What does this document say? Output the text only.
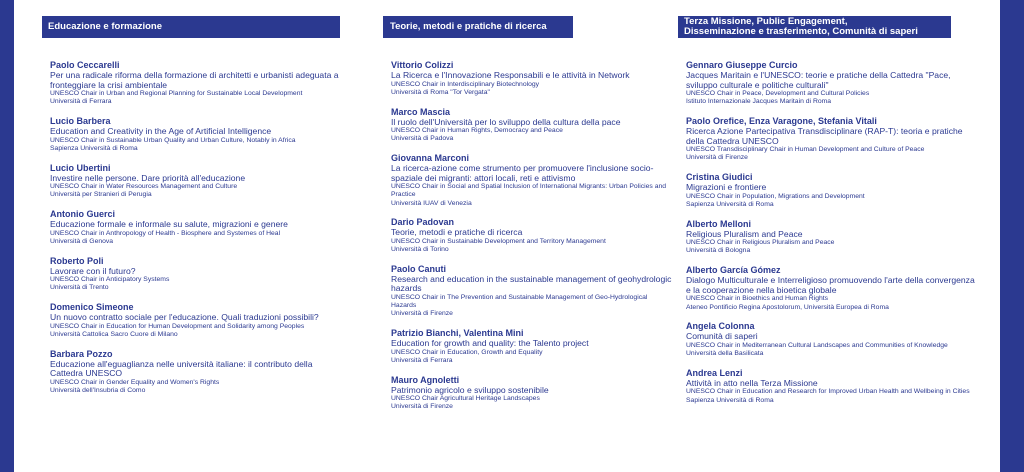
Educazione e formazione
Paolo Ceccarelli
Per una radicale riforma della formazione di architetti e urbanisti adeguata a fronteggiare la crisi ambientale
UNESCO Chair in Urban and Regional Planning for Sustainable Local Development
Università di Ferrara
Lucio Barbera
Education and Creativity in the Age of Artificial Intelligence
UNESCO Chair in Sustainable Urban Quality and Urban Culture, Notably in Africa
Sapienza Università di Roma
Lucio Ubertini
Investire nelle persone. Dare priorità all'educazione
UNESCO Chair in Water Resources Management and Culture
Università per Stranieri di Perugia
Antonio Guerci
Educazione formale e informale su salute, migrazioni e genere
UNESCO Chair in Anthropology of Health - Biosphere and Systemes of Heal
Università di Genova
Roberto Poli
Lavorare con il futuro?
UNESCO Chair in Anticipatory Systems
Università di Trento
Domenico Simeone
Un nuovo contratto sociale per l'educazione. Quali traduzioni possibili?
UNESCO Chair in Education for Human Development and Solidarity among Peoples
Università Cattolica Sacro Cuore di Milano
Barbara Pozzo
Educazione all'eguaglianza nelle università italiane: il contributo della Cattedra UNESCO
UNESCO Chair in Gender Equality and Women's Rights
Università dell'Insubria di Como
Teorie, metodi e pratiche di ricerca
Vittorio Colizzi
La Ricerca e l'Innovazione Responsabili e le attività in Network
UNESCO Chair in Interdisciplinary Biotechnology
Università di Roma "Tor Vergata"
Marco Mascia
Il ruolo dell'Università per lo sviluppo della cultura della pace
UNESCO Chair in Human Rights, Democracy and Peace
Università di Padova
Giovanna Marconi
La ricerca-azione come strumento per promuovere l'inclusione socio-spaziale dei migranti: attori locali, reti e attivismo
UNESCO Chair in Social and Spatial Inclusion of International Migrants: Urban Policies and Practice
Università IUAV di Venezia
Dario Padovan
Teorie, metodi e pratiche di ricerca
UNESCO Chair in Sustainable Development and Territory Management
Università di Torino
Paolo Canuti
Research and education in the sustainable management of geohydrologic hazards
UNESCO Chair in The Prevention and Sustainable Management of Geo-Hydrological Hazards
Università di Firenze
Patrizio Bianchi, Valentina Mini
Education for growth and quality: the Talento project
UNESCO Chair in Education, Growth and Equality
Università di Ferrara
Mauro Agnoletti
Patrimonio agricolo e sviluppo sostenibile
UNESCO Chair Agricultural Heritage Landscapes
Università di Firenze
Terza Missione, Public Engagement,
Disseminazione e trasferimento, Comunità di saperi
Gennaro Giuseppe Curcio
Jacques Maritain e l'UNESCO: teorie e pratiche della Cattedra "Pace, sviluppo culturale e politiche culturali"
UNESCO Chair in Peace, Development and Cultural Policies
Istituto Internazionale Jacques Maritain di Roma
Paolo Orefice, Enza Varagone, Stefania Vitali
Ricerca Azione Partecipativa Transdisciplinare (RAP-T): teoria e pratiche della Cattedra UNESCO
UNESCO Transdisciplinary Chair in Human Development and Culture of Peace
Università di Firenze
Cristina Giudici
Migrazioni e frontiere
UNESCO Chair in Population, Migrations and Development
Sapienza Università di Roma
Alberto Melloni
Religious Pluralism and Peace
UNESCO Chair in Religious Pluralism and Peace
Università di Bologna
Alberto García Gómez
Dialogo Multiculturale e Interreligioso promuovendo l'arte della convergenza e la cooperazione nella bioetica globale
UNESCO Chair in Bioethics and Human Rights
Ateneo Pontificio Regina Apostolorum, Università Europea di Roma
Angela Colonna
Comunità di saperi
UNESCO Chair in Mediterranean Cultural Landscapes and Communities of Knowledge
Università della Basilicata
Andrea Lenzi
Attività in atto nella Terza Missione
UNESCO Chair in Education and Research for Improved Urban Health and Wellbeing in Cities
Sapienza Università di Roma
